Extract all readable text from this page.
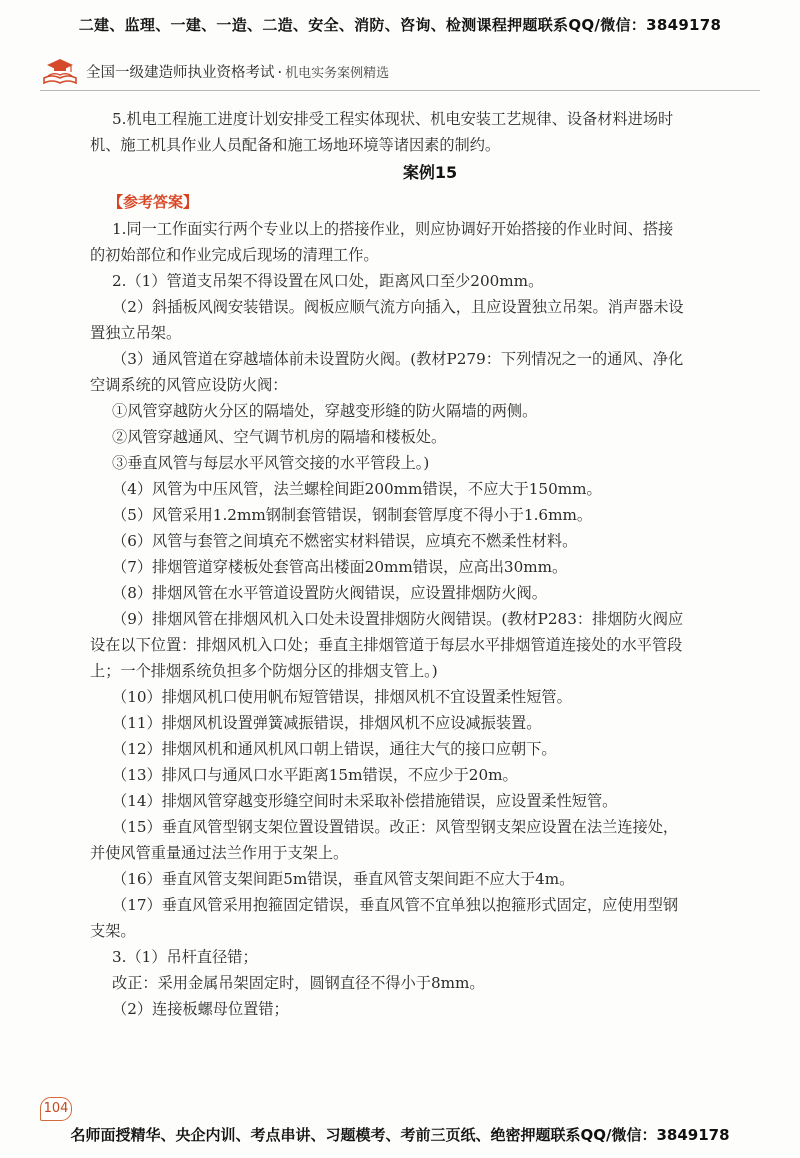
二建、监理、一建、一造、二造、安全、消防、咨询、检测课程押题联系QQ/微信：3849178
全国一级建造师执业资格考试 · 机电实务案例精选

5.机电工程施工进度计划安排受工程实体现状、机电安装工艺规律、设备材料进场时

机、施工机具作业人员配备和施工场地环境等诸因素的制约。

案例15
【参考答案】

1.同一工作面实行两个专业以上的搭接作业，则应协调好开始搭接的作业时间、搭接

的初始部位和作业完成后现场的清理工作。

2.（1）管道支吊架不得设置在风口处，距离风口至少200mm。

（2）斜插板风阀安装错误。阀板应顺气流方向插入，且应设置独立吊架。消声器未设

置独立吊架。

（3）通风管道在穿越墙体前未设置防火阀。(教材P279：下列情况之一的通风、净化

空调系统的风管应设防火阀：

①风管穿越防火分区的隔墙处，穿越变形缝的防火隔墙的两侧。

②风管穿越通风、空气调节机房的隔墙和楼板处。

③垂直风管与每层水平风管交接的水平管段上。)

（4）风管为中压风管，法兰螺栓间距200mm错误，不应大于150mm。

（5）风管采用1.2mm钢制套管错误，钢制套管厚度不得小于1.6mm。

（6）风管与套管之间填充不燃密实材料错误，应填充不燃柔性材料。

（7）排烟管道穿楼板处套管高出楼面20mm错误，应高出30mm。

（8）排烟风管在水平管道设置防火阀错误，应设置排烟防火阀。

（9）排烟风管在排烟风机入口处未设置排烟防火阀错误。(教材P283：排烟防火阀应

设在以下位置：排烟风机入口处；垂直主排烟管道于每层水平排烟管道连接处的水平管段

上；一个排烟系统负担多个防烟分区的排烟支管上。)

（10）排烟风机口使用帆布短管错误，排烟风机不宜设置柔性短管。

（11）排烟风机设置弹簧减振错误，排烟风机不应设减振装置。

（12）排烟风机和通风机风口朝上错误，通往大气的接口应朝下。

（13）排风口与通风口水平距离15m错误，不应少于20m。

（14）排烟风管穿越变形缝空间时未采取补偿措施错误，应设置柔性短管。

（15）垂直风管型钢支架位置设置错误。改正：风管型钢支架应设置在法兰连接处，

并使风管重量通过法兰作用于支架上。

（16）垂直风管支架间距5m错误，垂直风管支架间距不应大于4m。

（17）垂直风管采用抱箍固定错误，垂直风管不宜单独以抱箍形式固定，应使用型钢

支架。

3.（1）吊杆直径错；

改正：采用金属吊架固定时，圆钢直径不得小于8mm。

（2）连接板螺母位置错；

104
名师面授精华、央企内训、考点串讲、习题模考、考前三页纸、绝密押题联系QQ/微信：3849178
